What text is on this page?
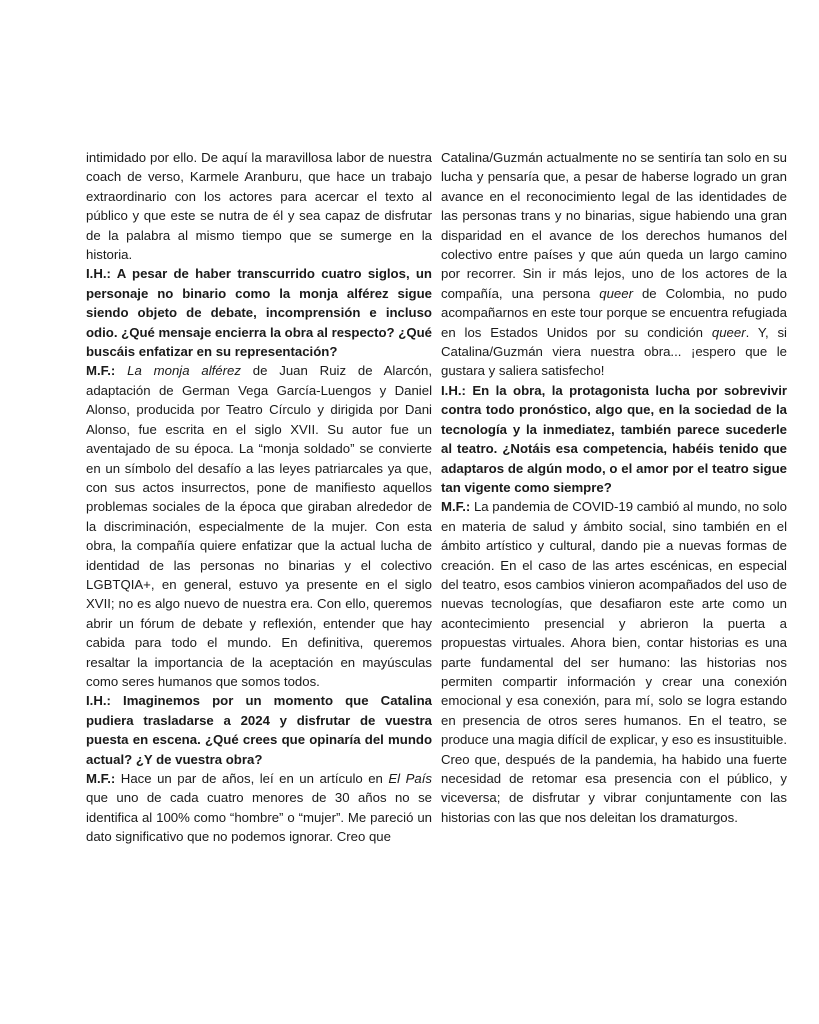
intimidado por ello. De aquí la maravillosa labor de nuestra coach de verso, Karmele Aranburu, que hace un trabajo extraordinario con los actores para acercar el texto al público y que este se nutra de él y sea capaz de disfrutar de la palabra al mismo tiempo que se sumerge en la historia.

I.H.: A pesar de haber transcurrido cuatro siglos, un personaje no binario como la monja alférez sigue siendo objeto de debate, incomprensión e incluso odio. ¿Qué mensaje encierra la obra al respecto? ¿Qué buscáis enfatizar en su representación?

M.F.: La monja alférez de Juan Ruiz de Alarcón, adaptación de German Vega García-Luengos y Daniel Alonso, producida por Teatro Círculo y dirigida por Dani Alonso, fue escrita en el siglo XVII. Su autor fue un aventajado de su época. La “monja soldado” se convierte en un símbolo del desafío a las leyes patriarcales ya que, con sus actos insurrectos, pone de manifiesto aquellos problemas sociales de la época que giraban alrededor de la discriminación, especialmente de la mujer. Con esta obra, la compañía quiere enfatizar que la actual lucha de identidad de las personas no binarias y el colectivo LGBTQIA+, en general, estuvo ya presente en el siglo XVII; no es algo nuevo de nuestra era. Con ello, queremos abrir un fórum de debate y reflexión, entender que hay cabida para todo el mundo. En definitiva, queremos resaltar la importancia de la aceptación en mayúsculas como seres humanos que somos todos.

I.H.: Imaginemos por un momento que Catalina pudiera trasladarse a 2024 y disfrutar de vuestra puesta en escena. ¿Qué crees que opinaría del mundo actual? ¿Y de vuestra obra?

M.F.: Hace un par de años, leí en un artículo en El País que uno de cada cuatro menores de 30 años no se identifica al 100% como “hombre” o “mujer”. Me pareció un dato significativo que no podemos ignorar. Creo que

Catalina/Guzmán actualmente no se sentiría tan solo en su lucha y pensaría que, a pesar de haberse logrado un gran avance en el reconocimiento legal de las identidades de las personas trans y no binarias, sigue habiendo una gran disparidad en el avance de los derechos humanos del colectivo entre países y que aún queda un largo camino por recorrer. Sin ir más lejos, uno de los actores de la compañía, una persona queer de Colombia, no pudo acompañarnos en este tour porque se encuentra refugiada en los Estados Unidos por su condición queer. Y, si Catalina/Guzmán viera nuestra obra... ¡espero que le gustara y saliera satisfecho!

I.H.: En la obra, la protagonista lucha por sobrevivir contra todo pronóstico, algo que, en la sociedad de la tecnología y la inmediatez, también parece sucederle al teatro. ¿Notáis esa competencia, habéis tenido que adaptaros de algún modo, o el amor por el teatro sigue tan vigente como siempre?

M.F.: La pandemia de COVID-19 cambió al mundo, no solo en materia de salud y ámbito social, sino también en el ámbito artístico y cultural, dando pie a nuevas formas de creación. En el caso de las artes escénicas, en especial del teatro, esos cambios vinieron acompañados del uso de nuevas tecnologías, que desafiaron este arte como un acontecimiento presencial y abrieron la puerta a propuestas virtuales. Ahora bien, contar historias es una parte fundamental del ser humano: las historias nos permiten compartir información y crear una conexión emocional y esa conexión, para mí, solo se logra estando en presencia de otros seres humanos. En el teatro, se produce una magia difícil de explicar, y eso es insustituible. Creo que, después de la pandemia, ha habido una fuerte necesidad de retomar esa presencia con el público, y viceversa; de disfrutar y vibrar conjuntamente con las historias con las que nos deleitan los dramaturgos.
